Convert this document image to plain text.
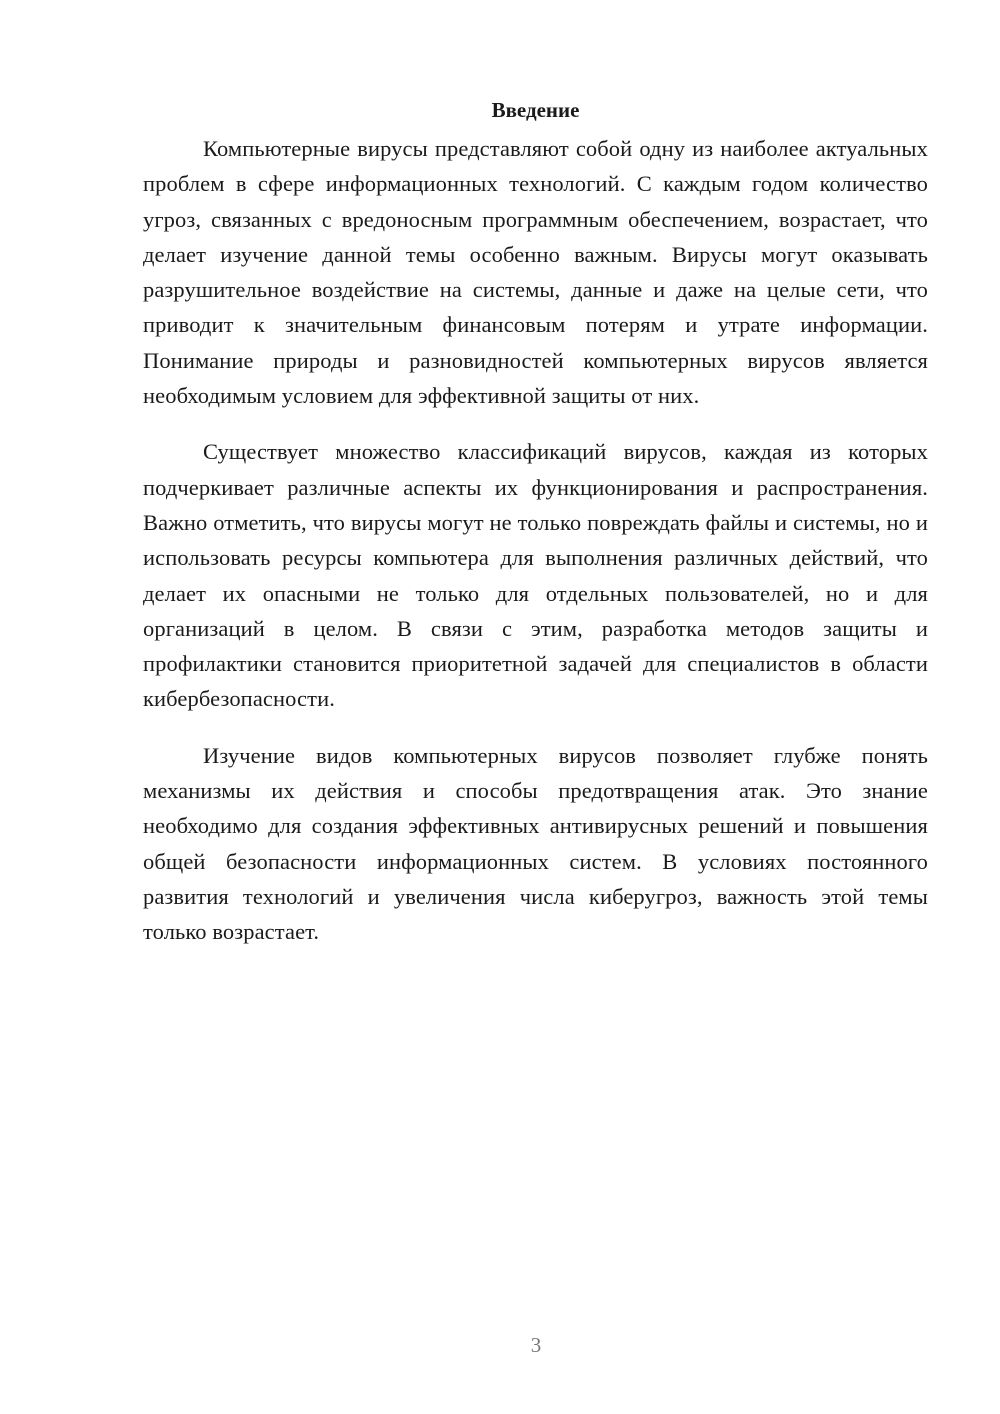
Введение

Компьютерные вирусы представляют собой одну из наиболее актуальных проблем в сфере информационных технологий. С каждым годом количество угроз, связанных с вредоносным программным обеспечением, возрастает, что делает изучение данной темы особенно важным. Вирусы могут оказывать разрушительное воздействие на системы, данные и даже на целые сети, что приводит к значительным финансовым потерям и утрате информации. Понимание природы и разновидностей компьютерных вирусов является необходимым условием для эффективной защиты от них.

Существует множество классификаций вирусов, каждая из которых подчеркивает различные аспекты их функционирования и распространения. Важно отметить, что вирусы могут не только повреждать файлы и системы, но и использовать ресурсы компьютера для выполнения различных действий, что делает их опасными не только для отдельных пользователей, но и для организаций в целом. В связи с этим, разработка методов защиты и профилактики становится приоритетной задачей для специалистов в области кибербезопасности.

Изучение видов компьютерных вирусов позволяет глубже понять механизмы их действия и способы предотвращения атак. Это знание необходимо для создания эффективных антивирусных решений и повышения общей безопасности информационных систем. В условиях постоянного развития технологий и увеличения числа киберугроз, важность этой темы только возрастает.

3
